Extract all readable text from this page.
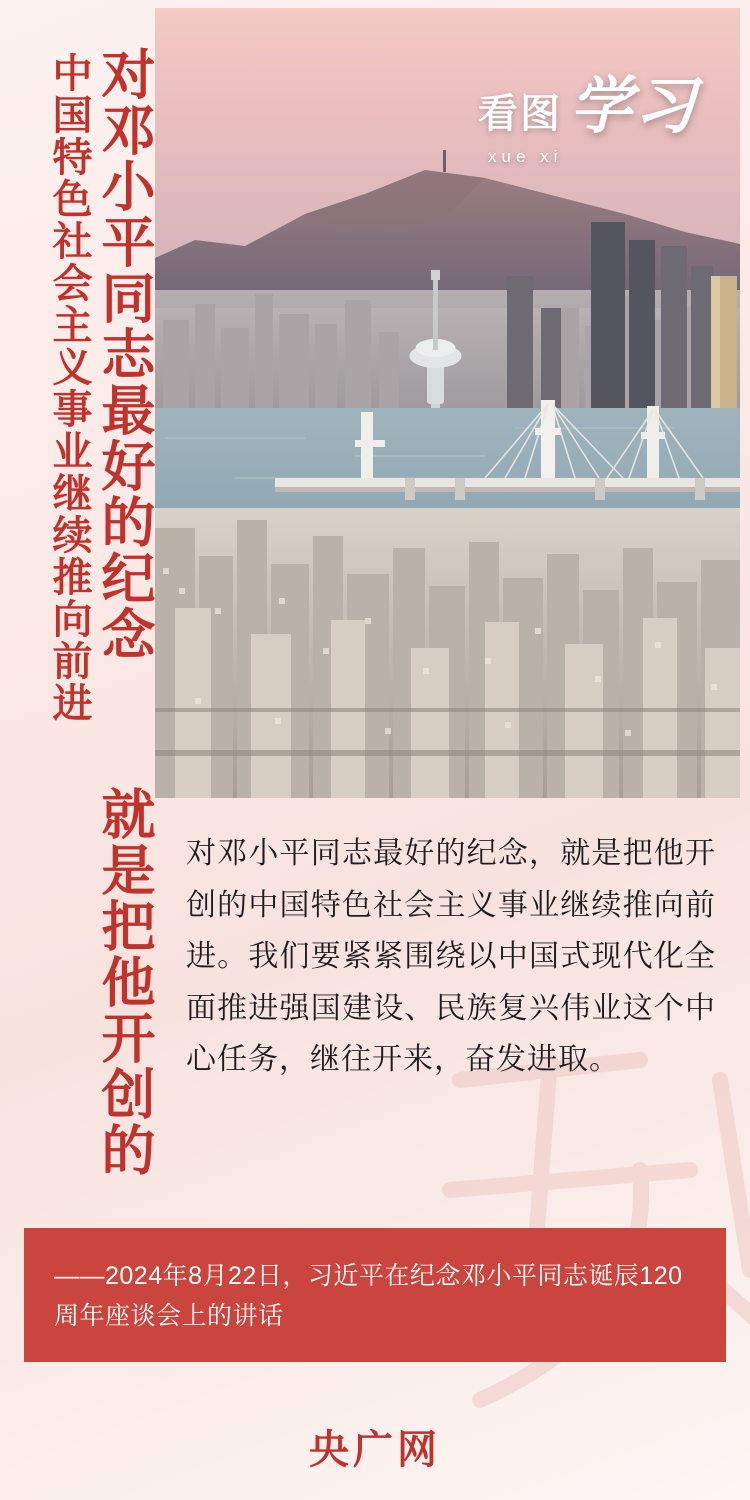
对邓小平同志最好的纪念  就是把他开创的
中国特色社会主义事业继续推向前进	看图 学习
xue xi
对邓小平同志最好的纪念，就是把他开创的中国特色社会主义事业继续推向前进。我们要紧紧围绕以中国式现代化全面推进强国建设、民族复兴伟业这个中心任务，继往开来，奋发进取。
——2024年8月22日，习近平在纪念邓小平同志诞辰120周年座谈会上的讲话
央广网
